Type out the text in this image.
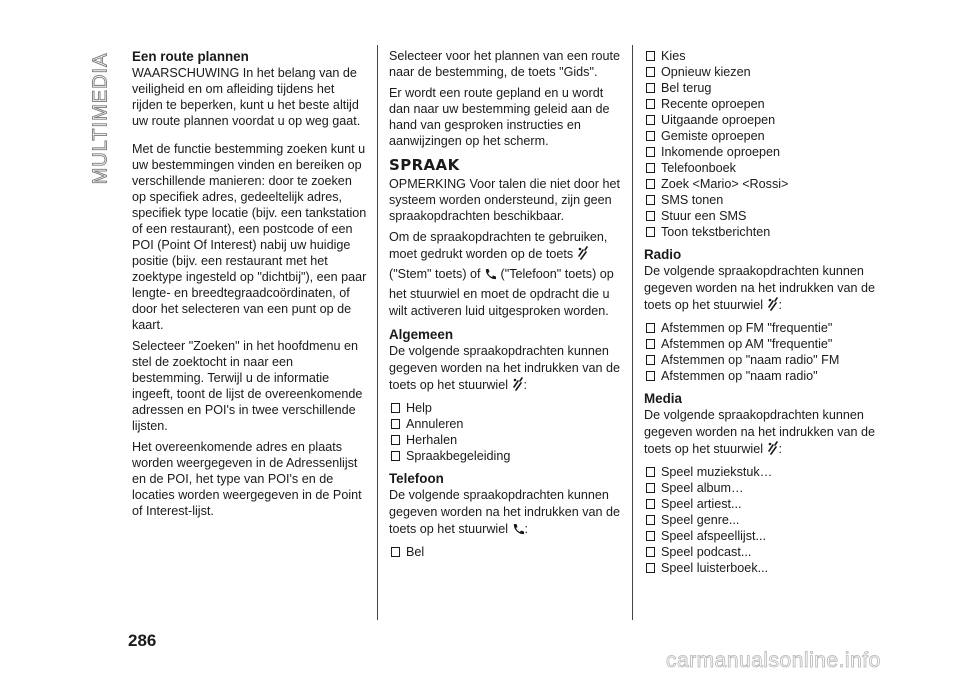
MULTIMEDIA Een route plannen

WAARSCHUWING In het belang van de veiligheid en om afleiding tijdens het rijden te beperken, kunt u het beste altijd uw route plannen voordat u op weg gaat.

Met de functie bestemming zoeken kunt u uw bestemmingen vinden en bereiken op verschillende manieren: door te zoeken op specifiek adres, gedeeltelijk adres, specifiek type locatie (bijv. een tankstation of een restaurant), een postcode of een POI (Point Of Interest) nabij uw huidige positie (bijv. een restaurant met het zoektype ingesteld op "dichtbij"), een paar lengte- en breedtegraadcoördinaten, of door het selecteren van een punt op de kaart.

Selecteer "Zoeken" in het hoofdmenu en stel de zoektocht in naar een bestemming. Terwijl u de informatie ingeeft, toont de lijst de overeenkomende adressen en POI's in twee verschillende lijsten.

Het overeenkomende adres en plaats worden weergegeven in de Adressenlijst en de POI, het type van POI's en de locaties worden weergegeven in de Point of Interest-lijst.

Selecteer voor het plannen van een route naar de bestemming, de toets "Gids".

Er wordt een route gepland en u wordt dan naar uw bestemming geleid aan de hand van gesproken instructies en aanwijzingen op het scherm.

SPRAAK

OPMERKING Voor talen die niet door het systeem worden ondersteund, zijn geen spraakopdrachten beschikbaar.

Om de spraakopdrachten te gebruiken, moet gedrukt worden op de toets
("Stem" toets) of ("Telefoon" toets) op het stuurwiel en moet de opdracht die u wilt activeren luid uitgesproken worden.

Algemeen

De volgende spraakopdrachten kunnen gegeven worden na het indrukken van de toets op het stuurwiel :

Help
Annuleren
Herhalen
Spraakbegeleiding
Telefoon

De volgende spraakopdrachten kunnen gegeven worden na het indrukken van de toets op het stuurwiel :

Bel
Kies
Opnieuw kiezen
Bel terug
Recente oproepen
Uitgaande oproepen
Gemiste oproepen
Inkomende oproepen
Telefoonboek
Zoek <Mario> <Rossi>
SMS tonen
Stuur een SMS
Toon tekstberichten
Radio

De volgende spraakopdrachten kunnen gegeven worden na het indrukken van de toets op het stuurwiel :

Afstemmen op FM "frequentie"
Afstemmen op AM "frequentie"
Afstemmen op "naam radio" FM
Afstemmen op "naam radio"
Media

De volgende spraakopdrachten kunnen gegeven worden na het indrukken van de toets op het stuurwiel :

Speel muziekstuk…
Speel album…
Speel artiest...
Speel genre...
Speel afspeellijst...
Speel podcast...
Speel luisterboek...
286
carmanualsonline.info
